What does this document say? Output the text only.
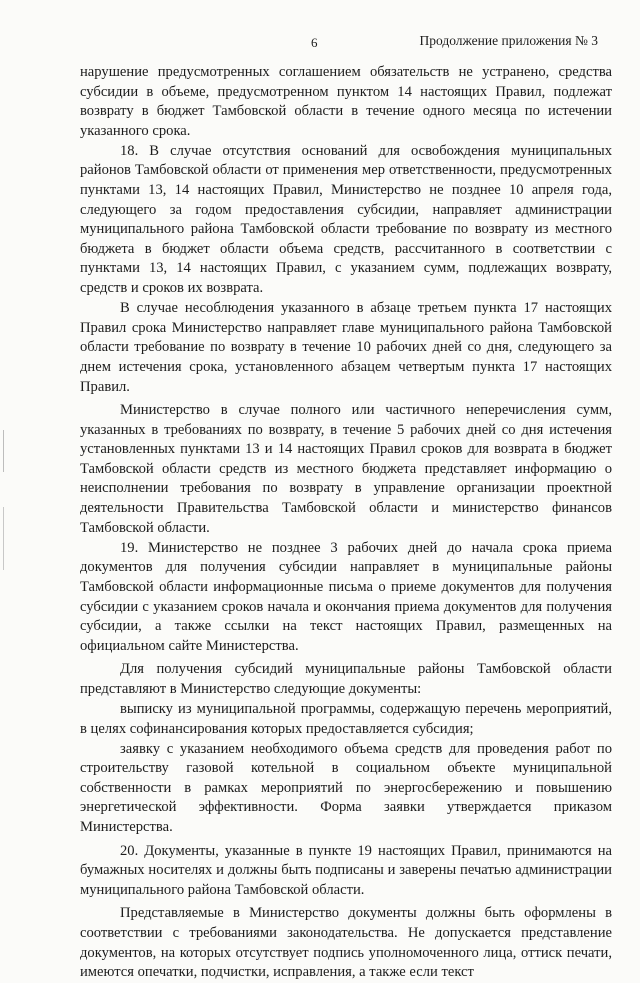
6	Продолжение приложения № 3

нарушение предусмотренных соглашением обязательств не устранено, средства субсидии в объеме, предусмотренном пунктом 14 настоящих Правил, подлежат возврату в бюджет Тамбовской области в течение одного месяца по истечении указанного срока.

18. В случае отсутствия оснований для освобождения муниципальных районов Тамбовской области от применения мер ответственности, предусмотренных пунктами 13, 14 настоящих Правил, Министерство не позднее 10 апреля года, следующего за годом предоставления субсидии, направляет администрации муниципального района Тамбовской области требование по возврату из местного бюджета в бюджет области объема средств, рассчитанного в соответствии с пунктами 13, 14 настоящих Правил, с указанием сумм, подлежащих возврату, средств и сроков их возврата.

В случае несоблюдения указанного в абзаце третьем пункта 17 настоящих Правил срока Министерство направляет главе муниципального района Тамбовской области требование по возврату в течение 10 рабочих дней со дня, следующего за днем истечения срока, установленного абзацем четвертым пункта 17 настоящих Правил.

Министерство в случае полного или частичного неперечисления сумм, указанных в требованиях по возврату, в течение 5 рабочих дней со дня истечения установленных пунктами 13 и 14 настоящих Правил сроков для возврата в бюджет Тамбовской области средств из местного бюджета представляет информацию о неисполнении требования по возврату в управление организации проектной деятельности Правительства Тамбовской области и министерство финансов Тамбовской области.

19. Министерство не позднее 3 рабочих дней до начала срока приема документов для получения субсидии направляет в муниципальные районы Тамбовской области информационные письма о приеме документов для получения субсидии с указанием сроков начала и окончания приема документов для получения субсидии, а также ссылки на текст настоящих Правил, размещенных на официальном сайте Министерства.

Для получения субсидий муниципальные районы Тамбовской области представляют в Министерство следующие документы:

выписку из муниципальной программы, содержащую перечень мероприятий, в целях софинансирования которых предоставляется субсидия;

заявку с указанием необходимого объема средств для проведения работ по строительству газовой котельной в социальном объекте муниципальной собственности в рамках мероприятий по энергосбережению и повышению энергетической эффективности. Форма заявки утверждается приказом Министерства.

20. Документы, указанные в пункте 19 настоящих Правил, принимаются на бумажных носителях и должны быть подписаны и заверены печатью администрации муниципального района Тамбовской области.

Представляемые в Министерство документы должны быть оформлены в соответствии с требованиями законодательства. Не допускается представление документов, на которых отсутствует подпись уполномоченного лица, оттиск печати, имеются опечатки, подчистки, исправления, а также если текст
